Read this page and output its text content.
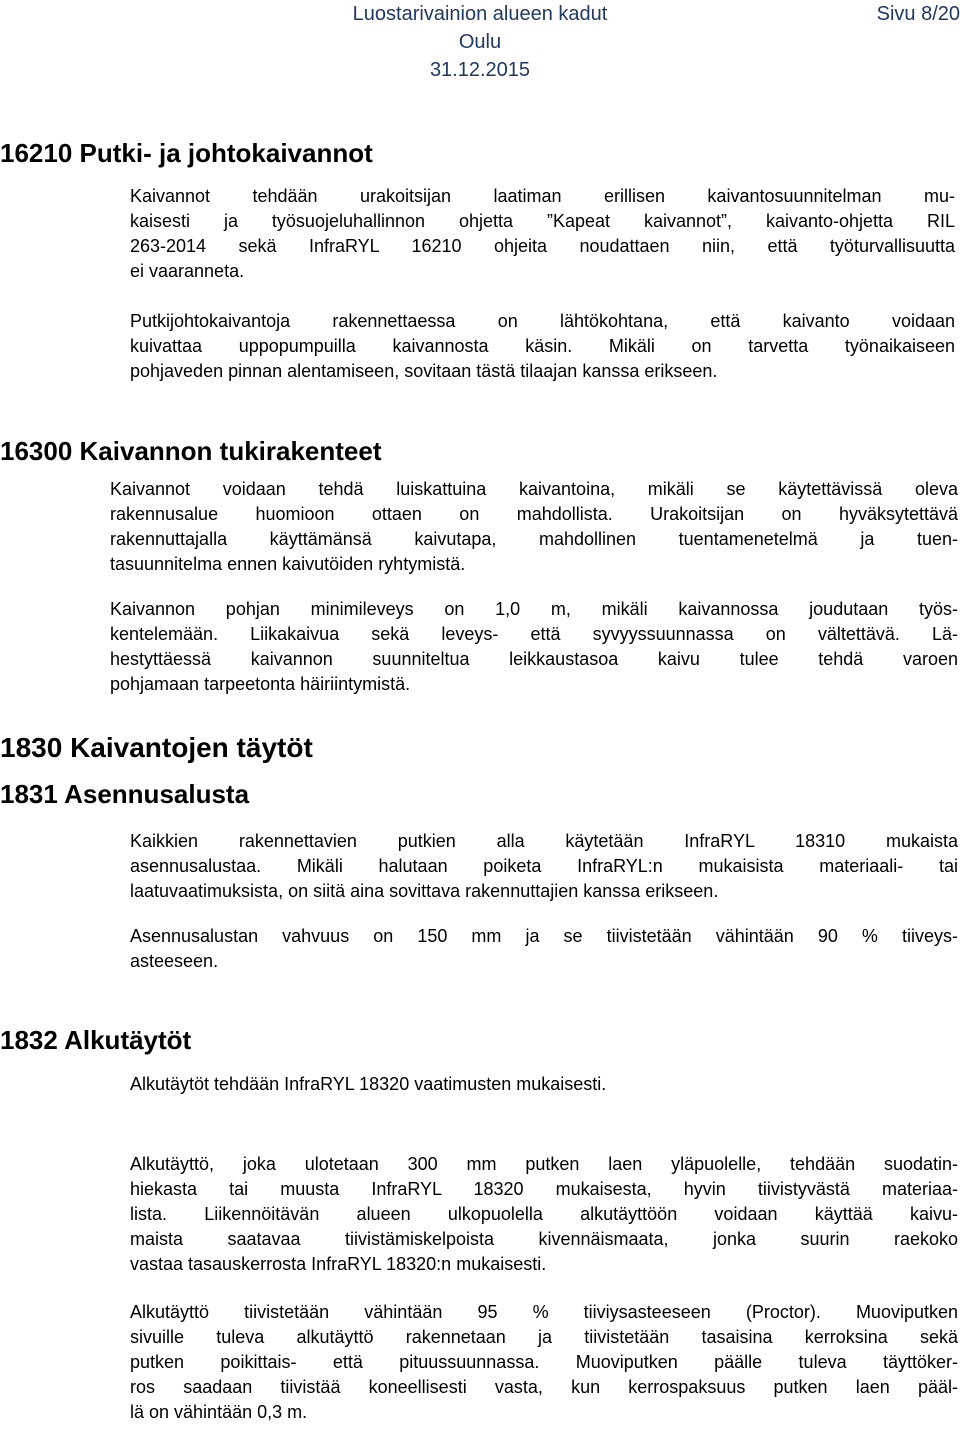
Luostarivainion alueen kadut
Oulu
31.12.2015
Sivu 8/20
16210 Putki- ja johtokaivannot
Kaivannot tehdään urakoitsijan laatiman erillisen kaivantosuunnitelman mu-
kaisesti ja työsuojeluhallinnon ohjetta ”Kapeat kaivannot”, kaivanto-ohjetta RIL
263-2014 sekä InfraRYL 16210 ohjeita noudattaen niin, että työturvallisuutta
ei vaaranneta.
Putkijohtokaivantoja rakennettaessa on lähtökohtana, että kaivanto voidaan
kuivattaa uppopumpuilla kaivannosta käsin. Mikäli on tarvetta työnaikaiseen
pohjaveden pinnan alentamiseen, sovitaan tästä tilaajan kanssa erikseen.
16300 Kaivannon tukirakenteet
Kaivannot voidaan tehdä luiskattuina kaivantoina, mikäli se käytettävissä oleva
rakennusalue huomioon ottaen on mahdollista. Urakoitsijan on hyväksytettävä
rakennuttajalla käyttämänsä kaivutapa, mahdollinen tuentamenetelmä ja tuen-
tasuunnitelma ennen kaivutöiden ryhtymistä.
Kaivannon pohjan minimileveys on 1,0 m, mikäli kaivannossa joudutaan työs-
kentelemään. Liikakaivua sekä leveys- että syvyyssuunnassa on vältettävä. Lä-
hestyttäessä kaivannon suunniteltua leikkaustasoa kaivu tulee tehdä varoen
pohjamaan tarpeetonta häiriintymistä.
1830 Kaivantojen täytöt
1831 Asennusalusta
Kaikkien rakennettavien putkien alla käytetään InfraRYL 18310 mukaista
asennusalustaa. Mikäli halutaan poiketa InfraRYL:n mukaisista materiaali- tai
laatuvaatimuksista, on siitä aina sovittava rakennuttajien kanssa erikseen.
Asennusalustan vahvuus on 150 mm ja se tiivistetään vähintään 90 % tiiveys-
asteeseen.
1832 Alkutäytöt
Alkutäytöt tehdään InfraRYL 18320 vaatimusten mukaisesti.
Alkutäyttö, joka ulotetaan 300 mm putken laen yläpuolelle, tehdään suodatin-
hiekasta tai muusta InfraRYL 18320 mukaisesta, hyvin tiivistyvästä materiaa-
lista. Liikennöitävän alueen ulkopuolella alkutäyttöön voidaan käyttää kaivu-
maista saatavaa tiivistämiskelpoista kivennäismaata, jonka suurin raekoko
vastaa tasauskerrosta InfraRYL 18320:n mukaisesti.
Alkutäyttö tiivistetään vähintään 95 % tiiviysasteeseen (Proctor). Muoviputken
sivuille tuleva alkutäyttö rakennetaan ja tiivistetään tasaisina kerroksina sekä
putken poikittais- että pituussuunnassa. Muoviputken päälle tuleva täyttöker-
ros saadaan tiivistää koneellisesti vasta, kun kerrospaksuus putken laen pääl-
lä on vähintään 0,3 m.
